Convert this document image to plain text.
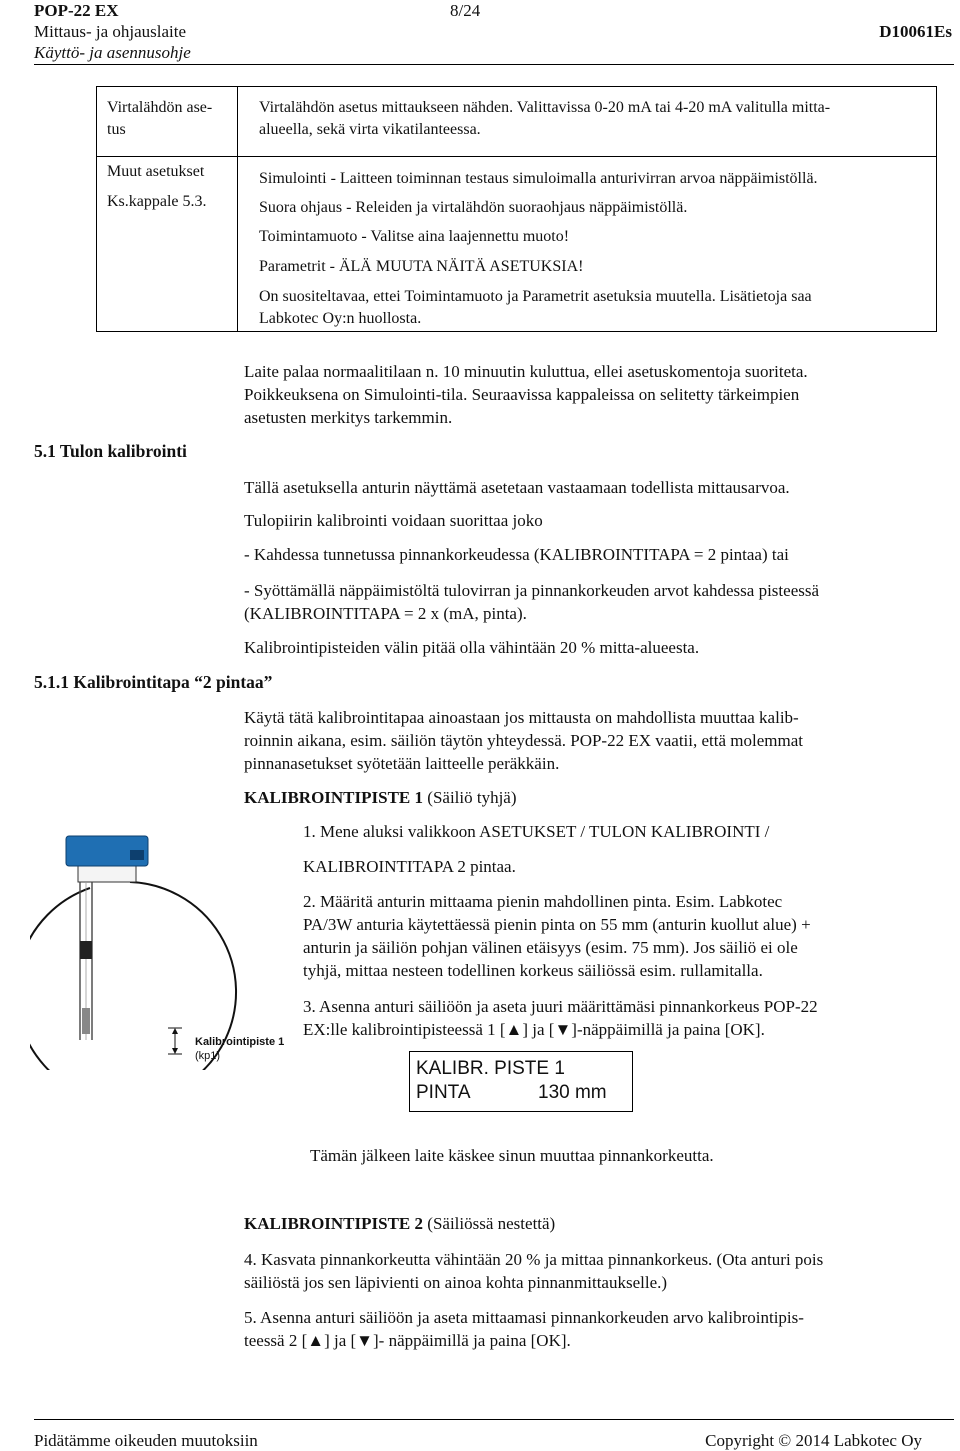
POP-22 EX
Mittaus- ja ohjauslaite
Käyttö- ja asennusohje
8/24
D10061Es
Virtalähdön ase-
tus
Virtalähdön asetus mittaukseen nähden. Valittavissa 0-20 mA tai 4-20 mA valitulla mitta-
alueella, sekä virta vikatilanteessa.
Muut asetukset
Ks.kappale 5.3.
Simulointi - Laitteen toiminnan testaus simuloimalla anturivirran arvoa näppäimistöllä.
Suora ohjaus - Releiden ja virtalähdön suoraohjaus näppäimistöllä.
Toimintamuoto - Valitse aina laajennettu muoto!
Parametrit - ÄLÄ MUUTA NÄITÄ ASETUKSIA!
On suositeltavaa, ettei Toimintamuoto ja Parametrit asetuksia muutella. Lisätietoja saa
Labkotec Oy:n huollosta.
Laite palaa normaalitilaan n. 10 minuutin kuluttua, ellei asetuskomentoja suoriteta.
Poikkeuksena on Simulointi-tila. Seuraavissa kappaleissa on selitetty tärkeimpien
asetusten merkitys tarkemmin.
5.1 Tulon kalibrointi
Tällä asetuksella anturin näyttämä asetetaan vastaamaan todellista mittausarvoa.
Tulopiirin kalibrointi voidaan suorittaa joko
- Kahdessa tunnetussa pinnankorkeudessa (KALIBROINTITAPA = 2 pintaa) tai
- Syöttämällä näppäimistöltä tulovirran ja pinnankorkeuden arvot kahdessa pisteessä
(KALIBROINTITAPA = 2 x (mA, pinta).
Kalibrointipisteiden välin pitää olla vähintään 20 % mitta-alueesta.
5.1.1 Kalibrointitapa “2 pintaa”
Käytä tätä kalibrointitapaa ainoastaan jos mittausta on mahdollista muuttaa kalib-
roinnin aikana, esim. säiliön täytön yhteydessä. POP-22 EX vaatii, että molemmat
pinnanasetukset syötetään laitteelle peräkkäin.
KALIBROINTIPISTE 1 (Säiliö tyhjä)
1. Mene aluksi valikkoon ASETUKSET / TULON KALIBROINTI /
KALIBROINTITAPA 2 pintaa.
2. Määritä anturin mittaama pienin mahdollinen pinta. Esim. Labkotec
PA/3W anturia käytettäessä pienin pinta on 55 mm (anturin kuollut alue) +
anturin ja säiliön pohjan välinen etäisyys (esim. 75 mm). Jos säiliö ei ole
tyhjä, mittaa nesteen todellinen korkeus säiliössä esim. rullamitalla.
3. Asenna anturi säiliöön ja aseta juuri määrittämäsi pinnankorkeus POP-22
EX:lle kalibrointipisteessä 1 [▲] ja [▼]-näppäimillä ja paina [OK].
KALIBR. PISTE 1
PINTA	130 mm
Tämän jälkeen laite käskee sinun muuttaa pinnankorkeutta.
KALIBROINTIPISTE 2 (Säiliössä nestettä)
4. Kasvata pinnankorkeutta vähintään 20 % ja mittaa pinnankorkeus. (Ota anturi pois
säiliöstä jos sen läpivienti on ainoa kohta pinnanmittaukselle.)
5. Asenna anturi säiliöön ja aseta mittaamasi pinnankorkeuden arvo kalibrointipis-
teessä 2 [▲] ja [▼]- näppäimillä ja paina [OK].
Kalibrointipiste 1
(kp1)
Pidätämme oikeuden muutoksiin	Copyright © 2014 Labkotec Oy
